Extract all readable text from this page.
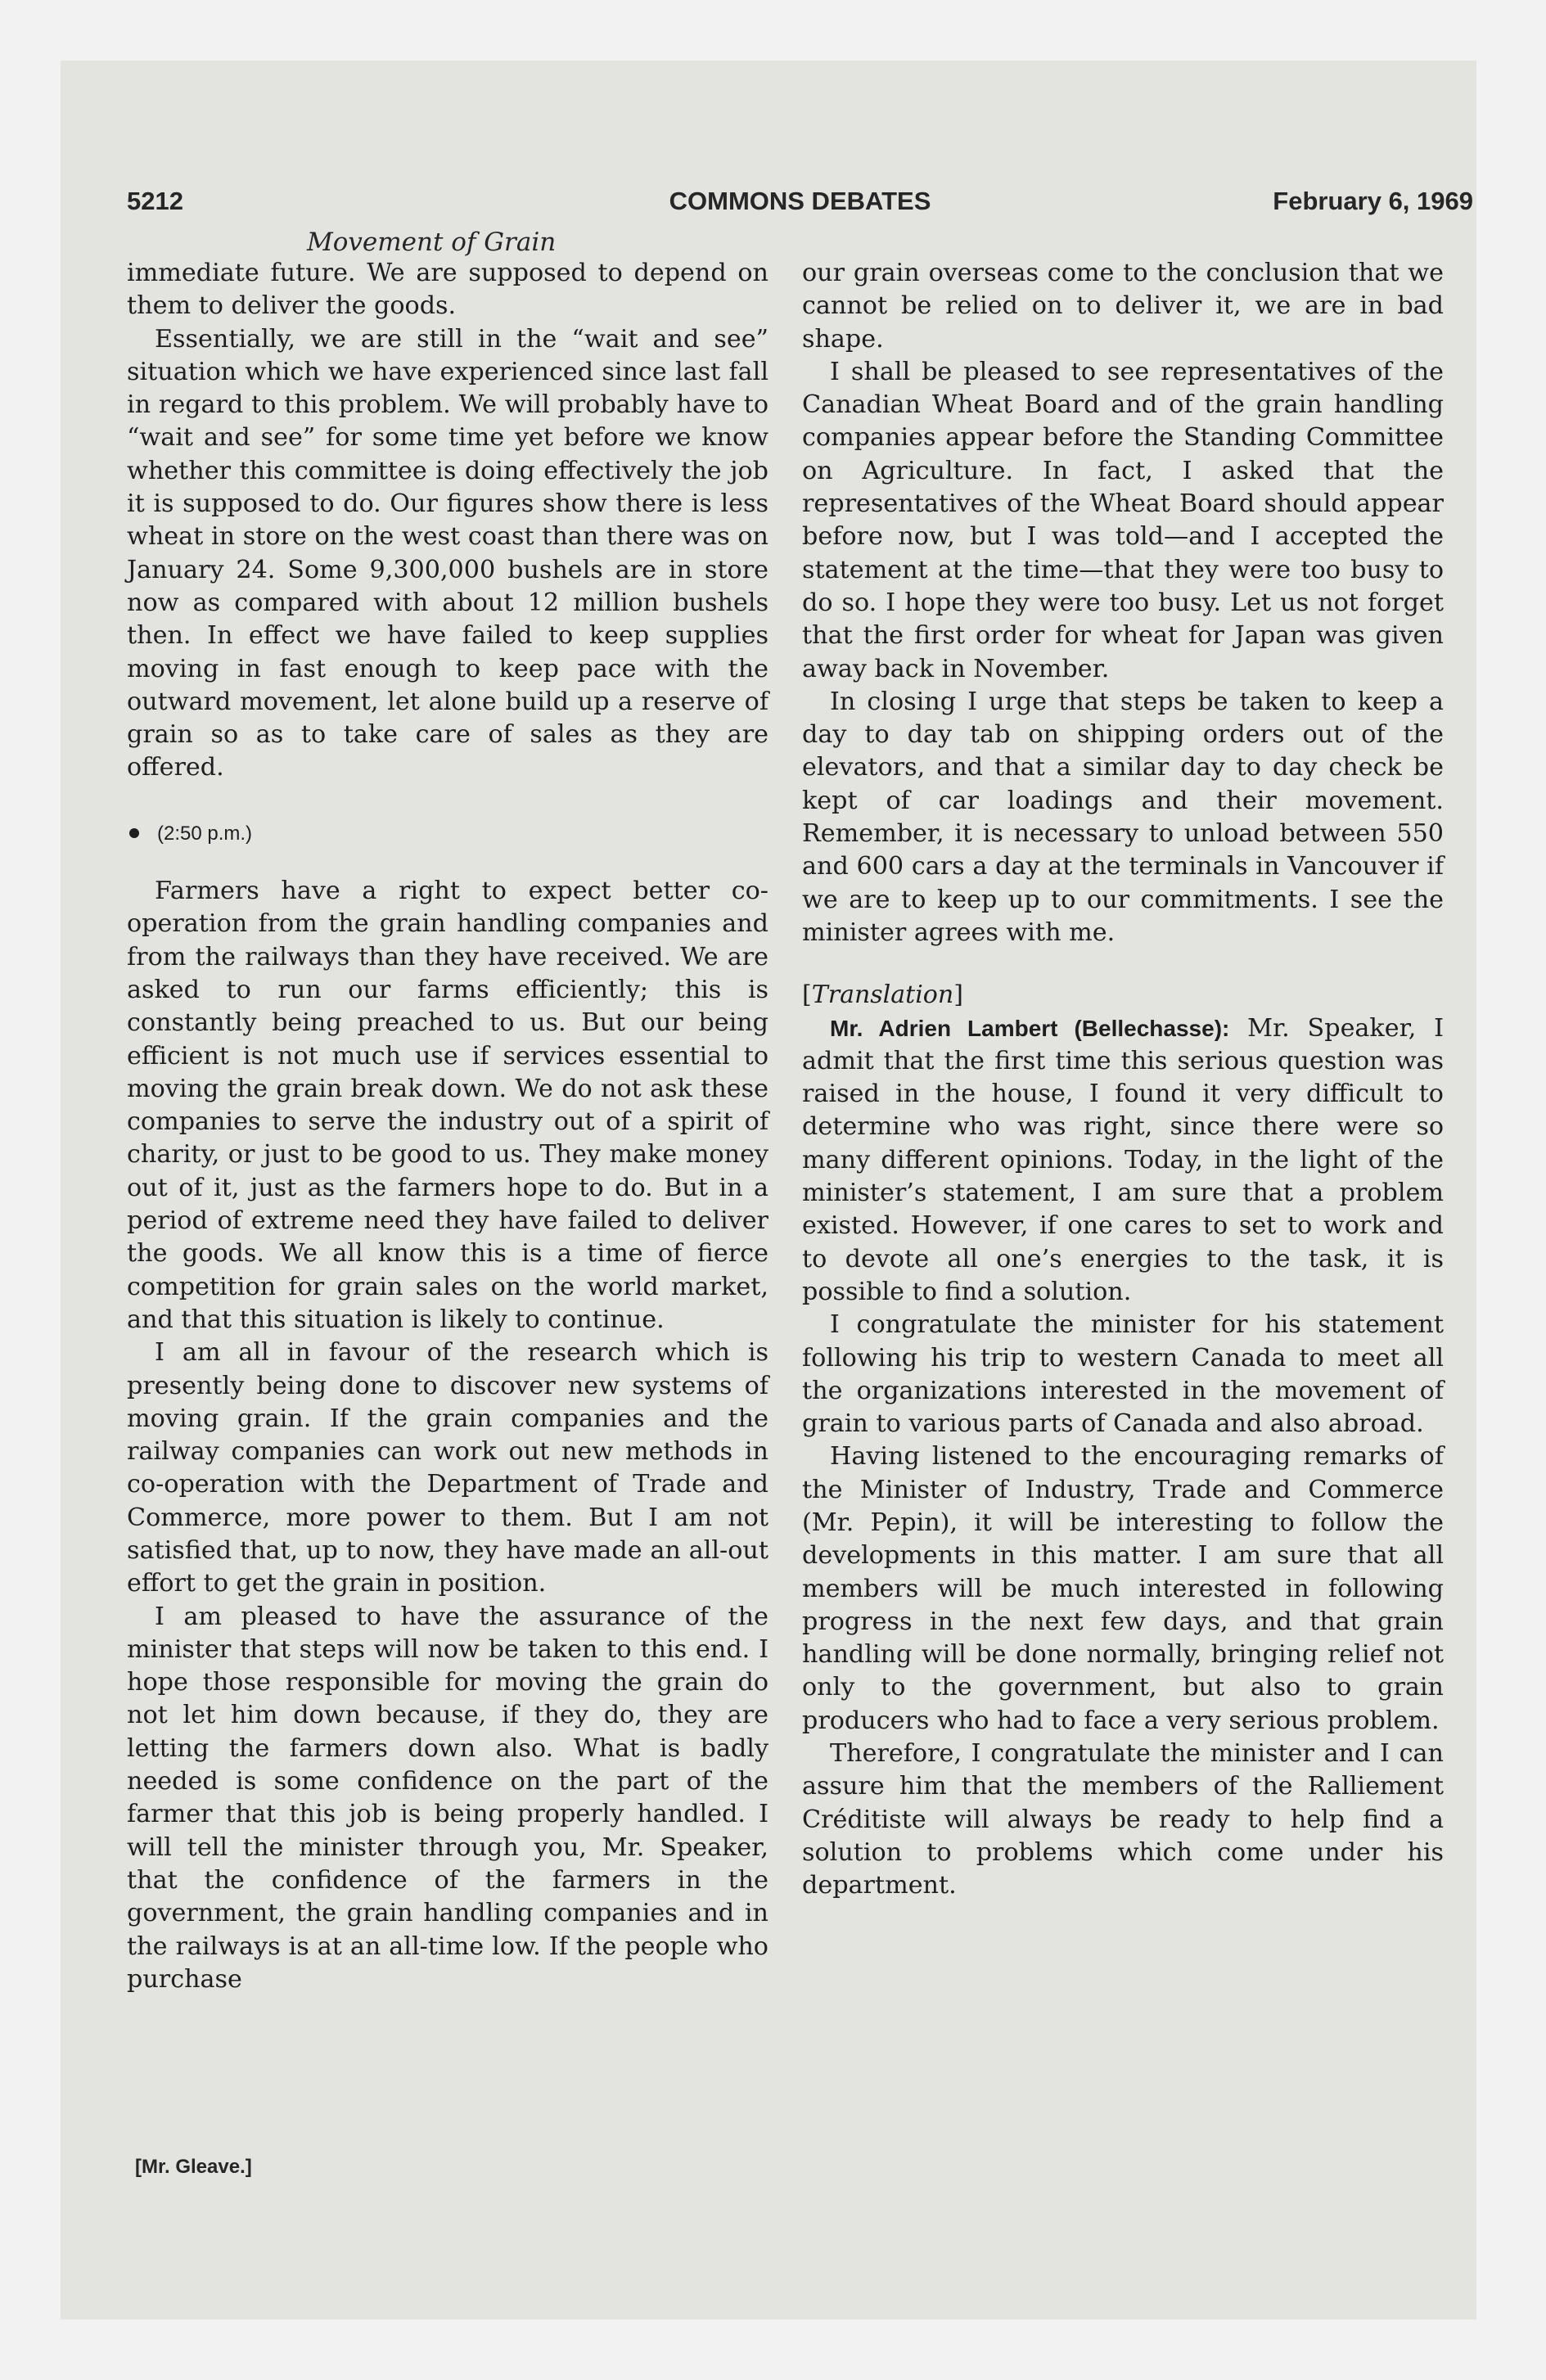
5212	COMMONS DEBATES	February 6, 1969
Movement of Grain

immediate future. We are supposed to depend on them to deliver the goods.

Essentially, we are still in the “wait and see” situation which we have experienced since last fall in regard to this problem. We will probably have to “wait and see” for some time yet before we know whether this committee is doing effectively the job it is supposed to do. Our figures show there is less wheat in store on the west coast than there was on January 24. Some 9,300,000 bushels are in store now as compared with about 12 million bushels then. In effect we have failed to keep supplies moving in fast enough to keep pace with the outward movement, let alone build up a reserve of grain so as to take care of sales as they are offered.

(2:50 p.m.)

Farmers have a right to expect better co-operation from the grain handling companies and from the railways than they have received. We are asked to run our farms efficiently; this is constantly being preached to us. But our being efficient is not much use if services essential to moving the grain break down. We do not ask these companies to serve the industry out of a spirit of charity, or just to be good to us. They make money out of it, just as the farmers hope to do. But in a period of extreme need they have failed to deliver the goods. We all know this is a time of fierce competition for grain sales on the world market, and that this situation is likely to continue.

I am all in favour of the research which is presently being done to discover new systems of moving grain. If the grain companies and the railway companies can work out new methods in co-operation with the Department of Trade and Commerce, more power to them. But I am not satisfied that, up to now, they have made an all-out effort to get the grain in position.

I am pleased to have the assurance of the minister that steps will now be taken to this end. I hope those responsible for moving the grain do not let him down because, if they do, they are letting the farmers down also. What is badly needed is some confidence on the part of the farmer that this job is being properly handled. I will tell the minister through you, Mr. Speaker, that the confidence of the farmers in the government, the grain handling companies and in the railways is at an all-time low. If the people who purchase

our grain overseas come to the conclusion that we cannot be relied on to deliver it, we are in bad shape.

I shall be pleased to see representatives of the Canadian Wheat Board and of the grain handling companies appear before the Standing Committee on Agriculture. In fact, I asked that the representatives of the Wheat Board should appear before now, but I was told—and I accepted the statement at the time—that they were too busy to do so. I hope they were too busy. Let us not forget that the first order for wheat for Japan was given away back in November.

In closing I urge that steps be taken to keep a day to day tab on shipping orders out of the elevators, and that a similar day to day check be kept of car loadings and their movement. Remember, it is necessary to unload between 550 and 600 cars a day at the terminals in Vancouver if we are to keep up to our commitments. I see the minister agrees with me.

[Translation]

Mr. Adrien Lambert (Bellechasse): Mr. Speaker, I admit that the first time this serious question was raised in the house, I found it very difficult to determine who was right, since there were so many different opinions. Today, in the light of the minister’s statement, I am sure that a problem existed. However, if one cares to set to work and to devote all one’s energies to the task, it is possible to find a solution.

I congratulate the minister for his statement following his trip to western Canada to meet all the organizations interested in the movement of grain to various parts of Canada and also abroad.

Having listened to the encouraging remarks of the Minister of Industry, Trade and Commerce (Mr. Pepin), it will be interesting to follow the developments in this matter. I am sure that all members will be much interested in following progress in the next few days, and that grain handling will be done normally, bringing relief not only to the government, but also to grain producers who had to face a very serious problem.

Therefore, I congratulate the minister and I can assure him that the members of the Ralliement Créditiste will always be ready to help find a solution to problems which come under his department.

[Mr. Gleave.]
